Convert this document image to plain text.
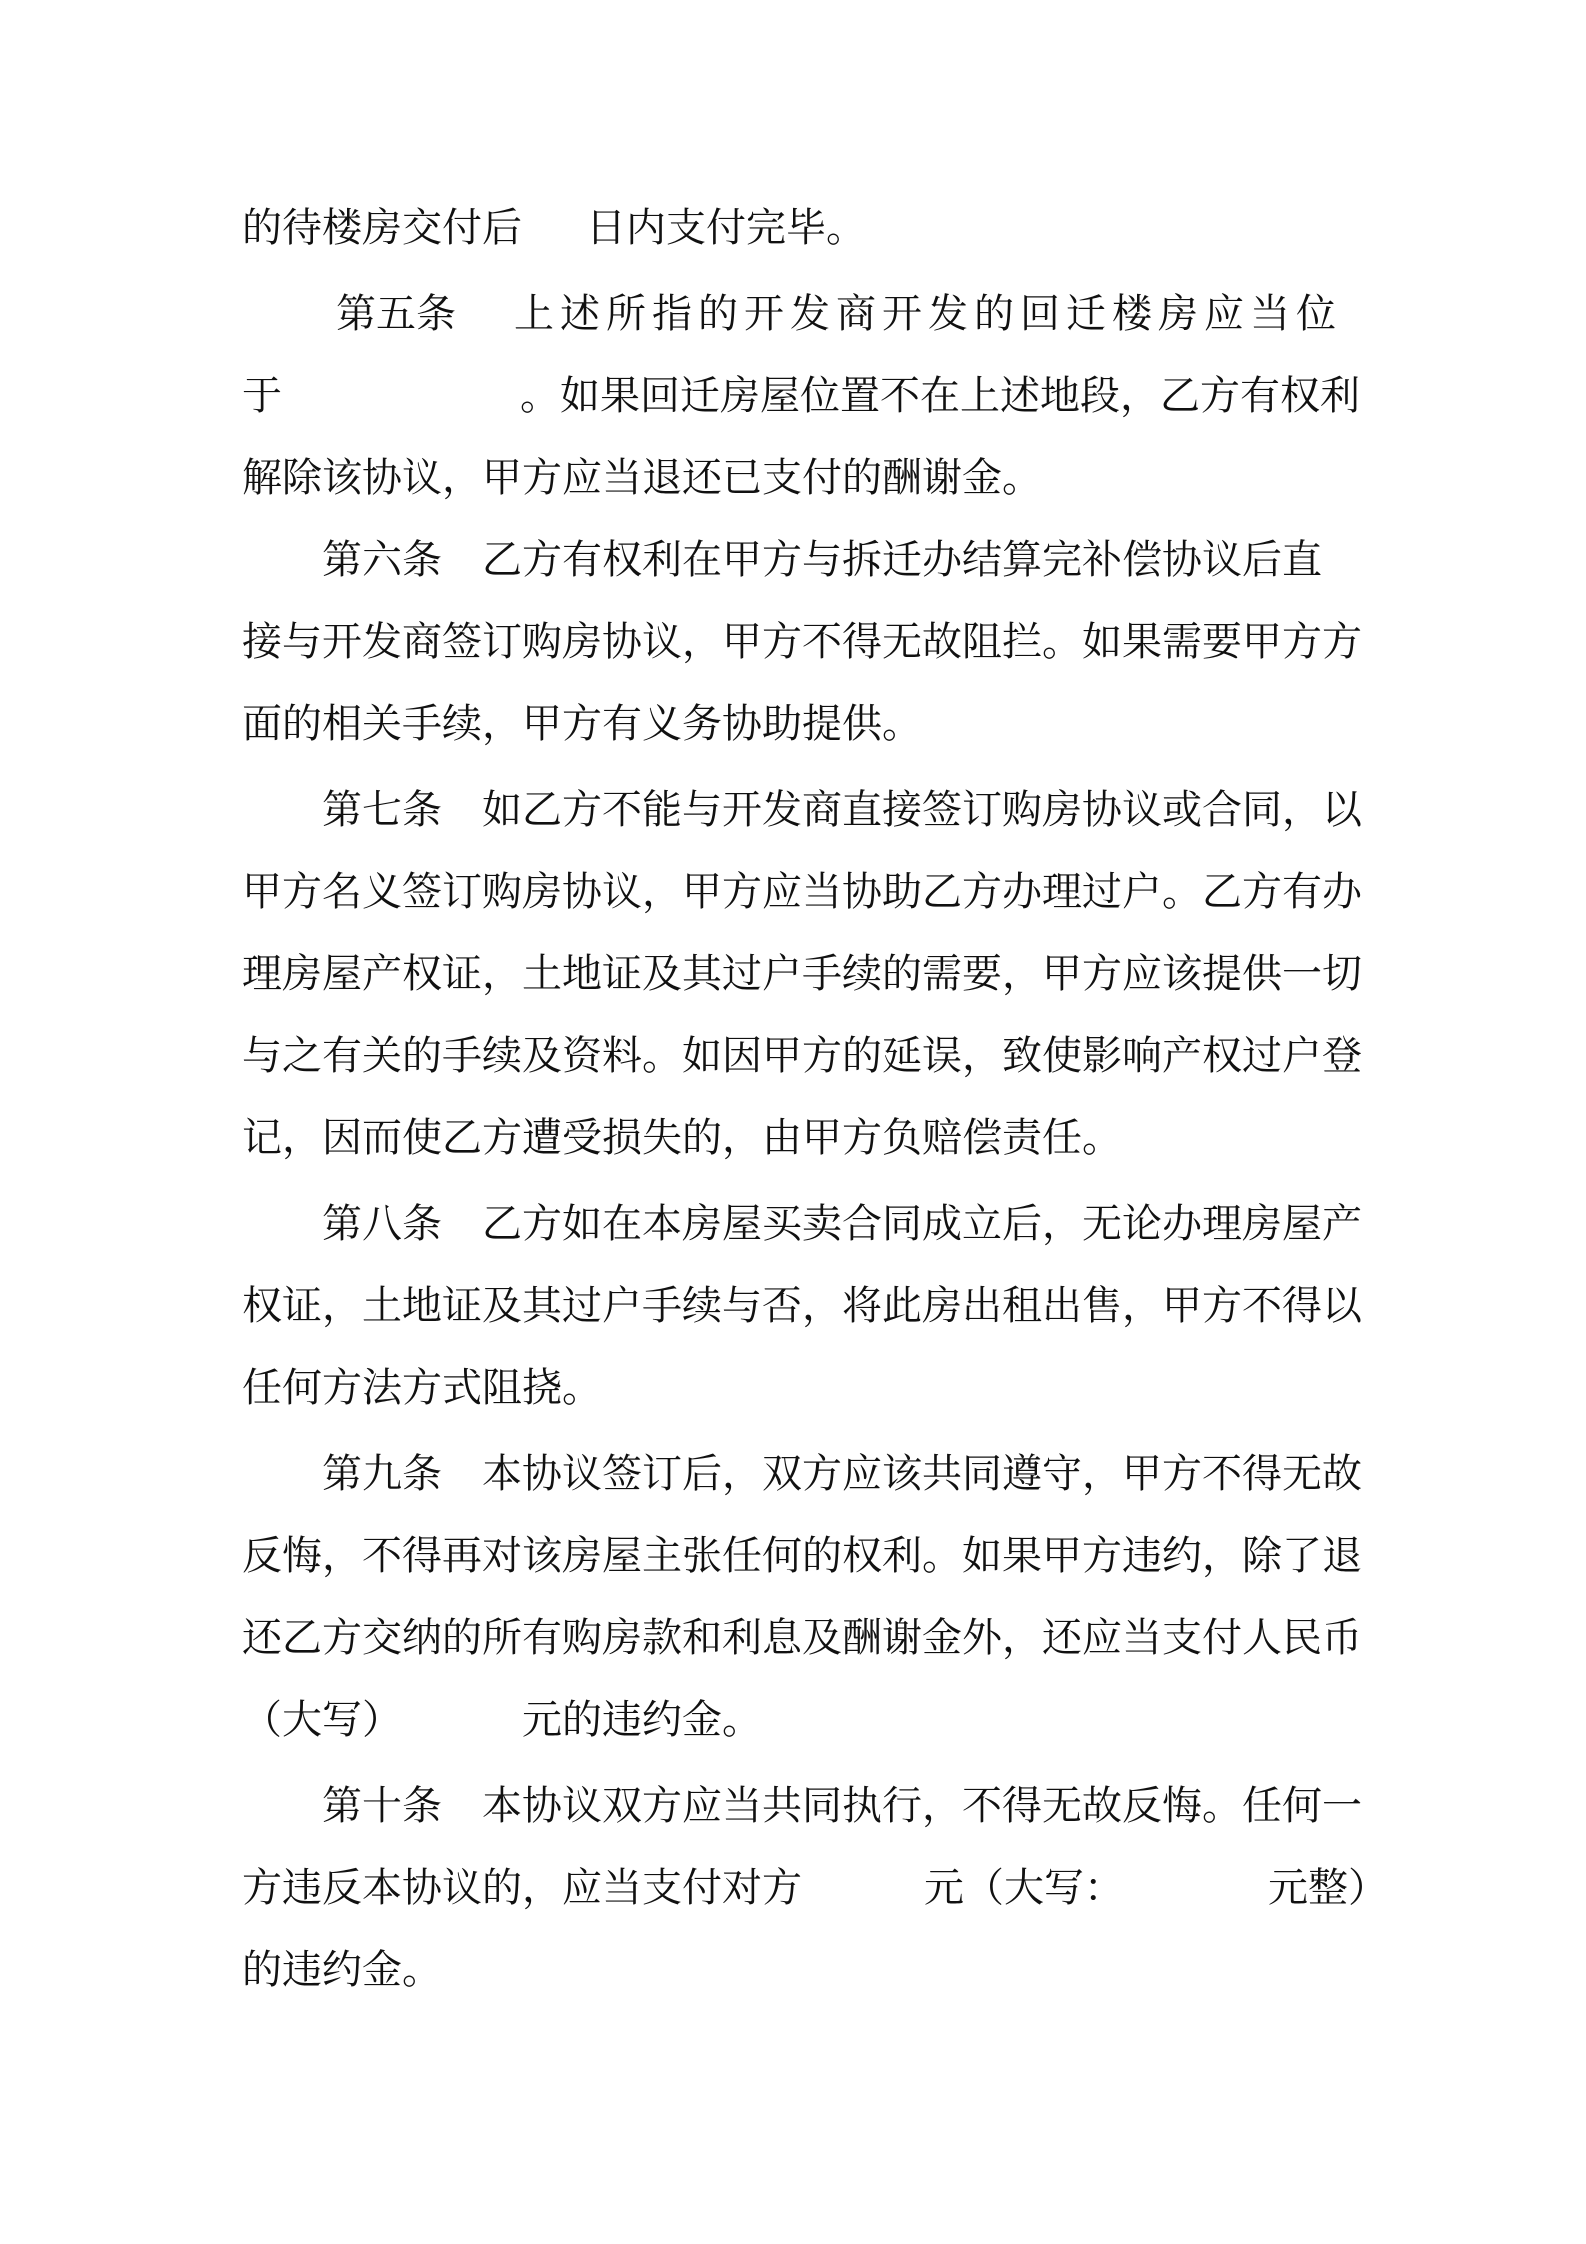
的待楼房交付后 日内支付完毕。
第五条 上述所指的开发商开发的回迁楼房应当位
于	。如果回迁房屋位置不在上述地段，乙方有权利
解除该协议，甲方应当退还已支付的酬谢金。
第六条 乙方有权利在甲方与拆迁办结算完补偿协议后直
接与开发商签订购房协议，甲方不得无故阻拦。如果需要甲方方
面的相关手续，甲方有义务协助提供。
第七条 如乙方不能与开发商直接签订购房协议或合同，以
甲方名义签订购房协议，甲方应当协助乙方办理过户。乙方有办
理房屋产权证，土地证及其过户手续的需要，甲方应该提供一切
与之有关的手续及资料。如因甲方的延误，致使影响产权过户登
记，因而使乙方遭受损失的，由甲方负赔偿责任。
第八条 乙方如在本房屋买卖合同成立后，无论办理房屋产
权证，土地证及其过户手续与否，将此房出租出售，甲方不得以
任何方法方式阻挠。
第九条 本协议签订后，双方应该共同遵守，甲方不得无故
反悔，不得再对该房屋主张任何的权利。如果甲方违约，除了退
还乙方交纳的所有购房款和利息及酬谢金外，还应当支付人民币
（大写）	元的违约金。
第十条 本协议双方应当共同执行，不得无故反悔。任何一
方违反本协议的，应当支付对方	元（大写：	元整）
的违约金。
